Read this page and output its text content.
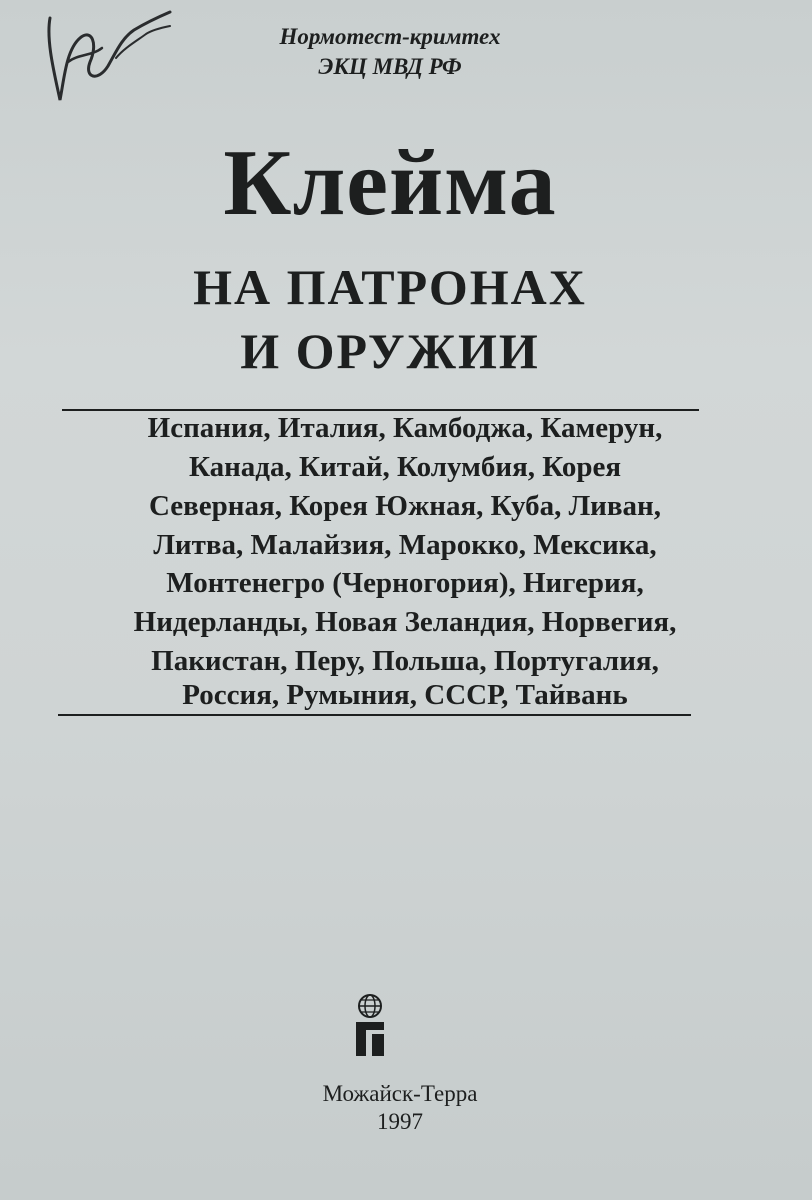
Нормотест-кримтех
ЭКЦ МВД РФ
Клейма
НА ПАТРОНАХ
И ОРУЖИИ
Испания, Италия, Камбоджа, Камерун,
Канада, Китай, Колумбия, Корея
Северная, Корея Южная, Куба, Ливан,
Литва, Малайзия, Марокко, Мексика,
Монтенегро (Черногория), Нигерия,
Нидерланды, Новая Зеландия, Норвегия,
Пакистан, Перу, Польша, Португалия,
Россия, Румыния, СССР, Тайвань
Можайск-Терра
1997
